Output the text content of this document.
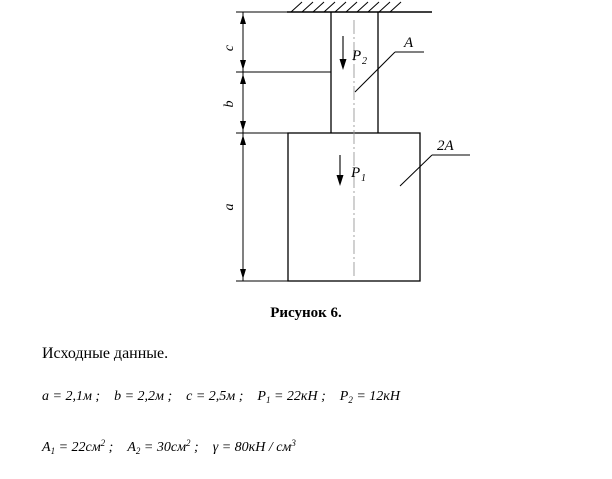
c
b
a
P 2
P 1
A
2A
Рисунок 6.
Исходные данные.
a = 2,1м ; b = 2,2м ; c = 2,5м ; $P_1 = 22кН$ ; $P_2 = 12кН$
$A_1 = 22см^2$ ; $A_2 = 30см^2$ ; $\gamma = 80кН / см^3$
